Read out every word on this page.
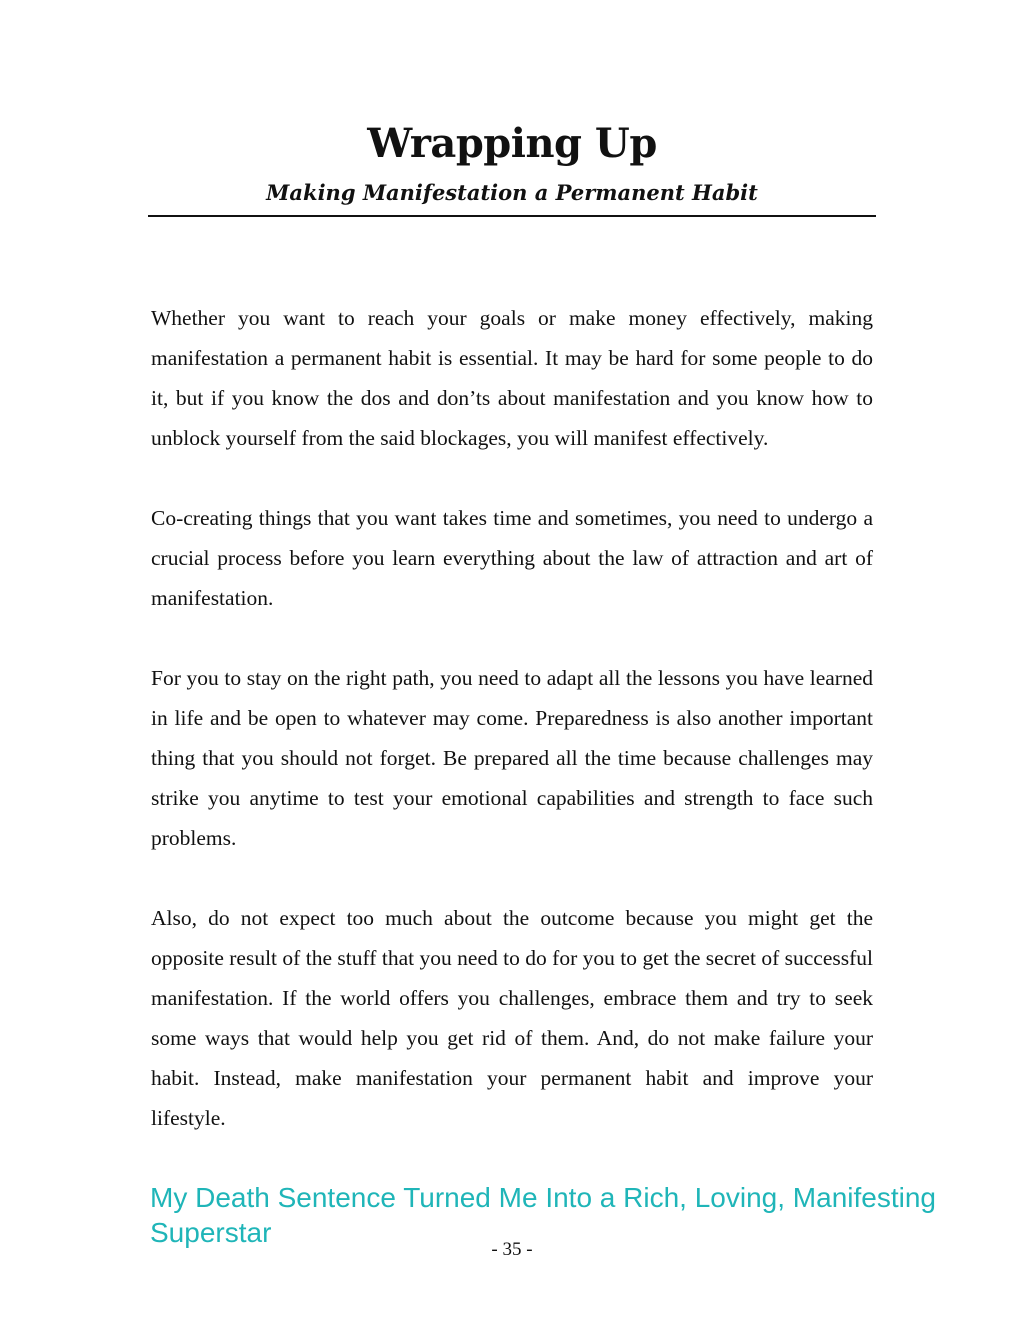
Wrapping Up
Making Manifestation a Permanent Habit

Whether you want to reach your goals or make money effectively, making manifestation a permanent habit is essential. It may be hard for some people to do it, but if you know the dos and don’ts about manifestation and you know how to unblock yourself from the said blockages, you will manifest effectively.

Co-creating things that you want takes time and sometimes, you need to undergo a crucial process before you learn everything about the law of attraction and art of manifestation.

For you to stay on the right path, you need to adapt all the lessons you have learned in life and be open to whatever may come. Preparedness is also another important thing that you should not forget. Be prepared all the time because challenges may strike you anytime to test your emotional capabilities and strength to face such problems.

Also, do not expect too much about the outcome because you might get the opposite result of the stuff that you need to do for you to get the secret of successful manifestation. If the world offers you challenges, embrace them and try to seek some ways that would help you get rid of them. And, do not make failure your habit. Instead, make manifestation your permanent habit and improve your lifestyle.

My Death Sentence Turned Me Into a Rich, Loving, Manifesting Superstar
- 35 -
